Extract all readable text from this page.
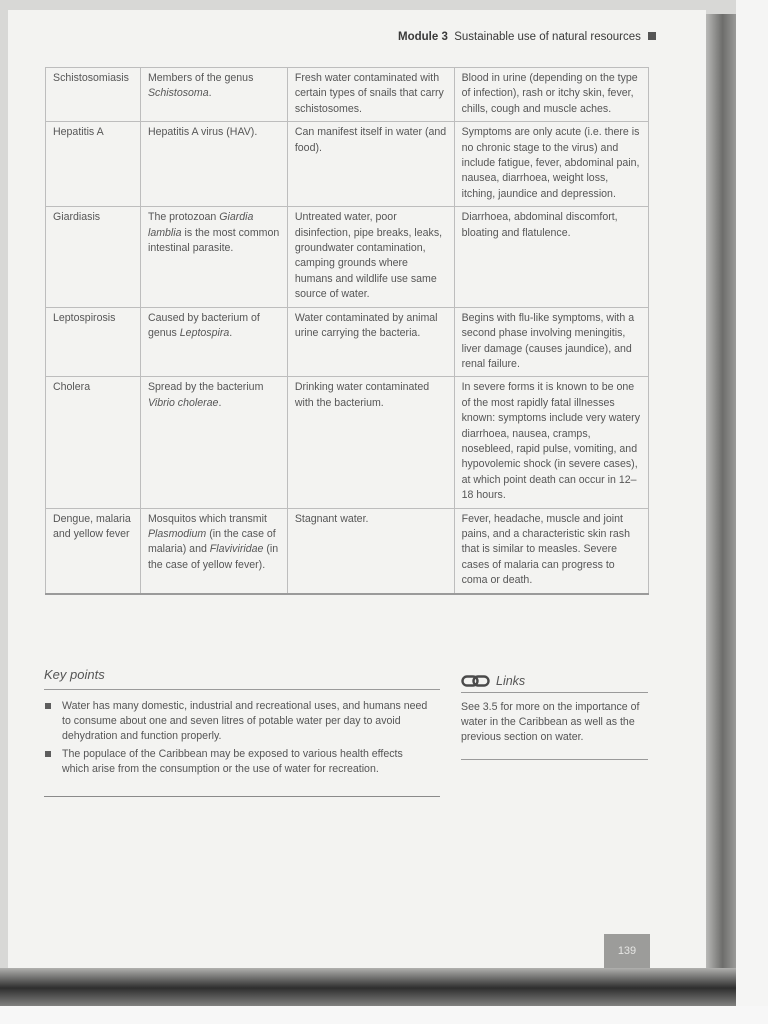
Module 3 Sustainable use of natural resources
Schistosomiasis	Members of the genus Schistosoma.	Fresh water contaminated with certain types of snails that carry schistosomes.	Blood in urine (depending on the type of infection), rash or itchy skin, fever, chills, cough and muscle aches.
Hepatitis A	Hepatitis A virus (HAV).	Can manifest itself in water (and food).	Symptoms are only acute (i.e. there is no chronic stage to the virus) and include fatigue, fever, abdominal pain, nausea, diarrhoea, weight loss, itching, jaundice and depression.
Giardiasis	The protozoan Giardia lamblia is the most common intestinal parasite.	Untreated water, poor disinfection, pipe breaks, leaks, groundwater contamination, camping grounds where humans and wildlife use same source of water.	Diarrhoea, abdominal discomfort, bloating and flatulence.
Leptospirosis	Caused by bacterium of genus Leptospira.	Water contaminated by animal urine carrying the bacteria.	Begins with flu-like symptoms, with a second phase involving meningitis, liver damage (causes jaundice), and renal failure.
Cholera	Spread by the bacterium Vibrio cholerae.	Drinking water contaminated with the bacterium.	In severe forms it is known to be one of the most rapidly fatal illnesses known: symptoms include very watery diarrhoea, nausea, cramps, nosebleed, rapid pulse, vomiting, and hypovolemic shock (in severe cases), at which point death can occur in 12–18 hours.
Dengue, malaria and yellow fever	Mosquitos which transmit Plasmodium (in the case of malaria) and Flaviviridae (in the case of yellow fever).	Stagnant water.	Fever, headache, muscle and joint pains, and a characteristic skin rash that is similar to measles. Severe cases of malaria can progress to coma or death.
Key points
Water has many domestic, industrial and recreational uses, and humans need to consume about one and seven litres of potable water per day to avoid dehydration and function properly.
The populace of the Caribbean may be exposed to various health effects which arise from the consumption or the use of water for recreation.
Links
See 3.5 for more on the importance of water in the Caribbean as well as the previous section on water.
139
